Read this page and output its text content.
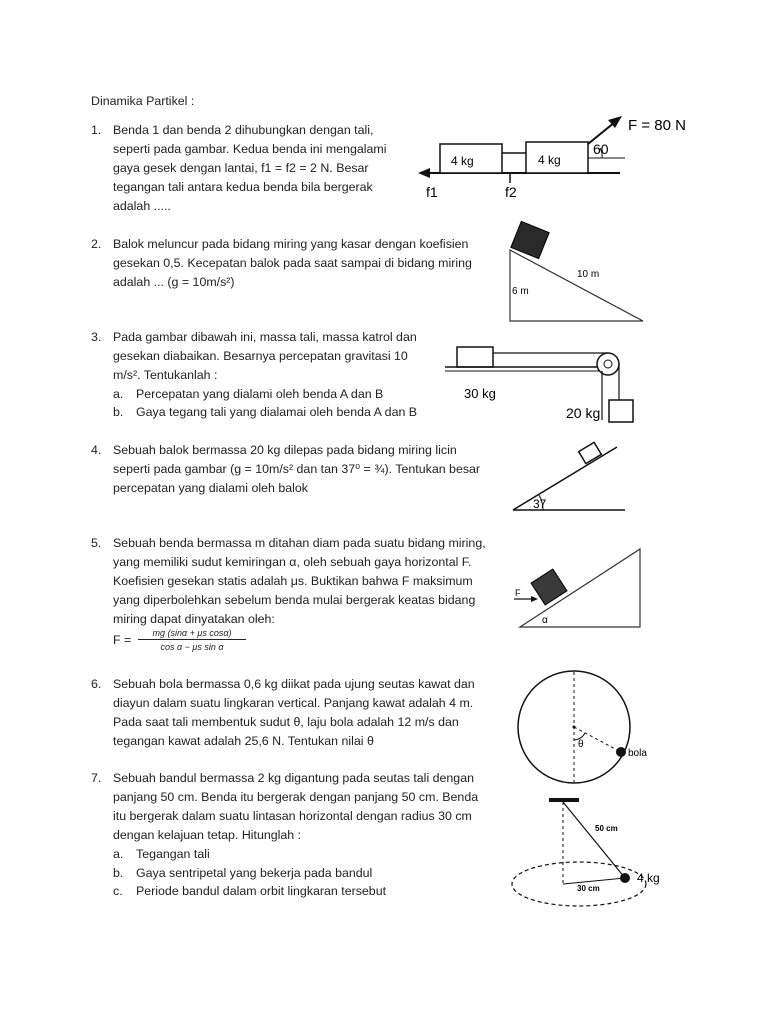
Dinamika Partikel :
1. Benda 1 dan benda 2 dihubungkan dengan tali,
seperti pada gambar. Kedua benda ini mengalami
gaya gesek dengan lantai, f1 = f2 = 2 N. Besar
tegangan tali antara kedua benda bila bergerak
adalah .....
4 kg	4 kg
F = 80 N
60
f1	f2
2. Balok meluncur pada bidang miring yang kasar dengan koefisien
gesekan 0,5. Kecepatan balok pada saat sampai di bidang miring
adalah ... (g = 10m/s²)
10 m
6 m
3. Pada gambar dibawah ini, massa tali, massa katrol dan
gesekan diabaikan. Besarnya percepatan gravitasi 10
m/s². Tentukanlah :
a. Percepatan yang dialami oleh benda A dan B
b. Gaya tegang tali yang dialamai oleh benda A dan B
30 kg
20 kg
4. Sebuah balok bermassa 20 kg dilepas pada bidang miring licin
seperti pada gambar (g = 10m/s² dan tan 37⁰ = ¾). Tentukan besar
percepatan yang dialami oleh balok
37
5. Sebuah benda bermassa m ditahan diam pada suatu bidang miring,
yang memiliki sudut kemiringan α, oleh sebuah gaya horizontal F.
Koefisien gesekan statis adalah μs. Buktikan bahwa F maksimum
yang diperbolehkan sebelum benda mulai bergerak keatas bidang
miring dapat dinyatakan oleh:
F =	mg (sinα + μs cosα)
cos α − μs sin α
F
α
6. Sebuah bola bermassa 0,6 kg diikat pada ujung seutas kawat dan
diayun dalam suatu lingkaran vertical. Panjang kawat adalah 4 m.
Pada saat tali membentuk sudut θ, laju bola adalah 12 m/s dan
tegangan kawat adalah 25,6 N. Tentukan nilai θ	θ
bola
7. Sebuah bandul bermassa 2 kg digantung pada seutas tali dengan
panjang 50 cm. Benda itu bergerak dengan panjang 50 cm. Benda
itu bergerak dalam suatu lintasan horizontal dengan radius 30 cm
dengan kelajuan tetap. Hitunglah :
a. Tegangan tali
b. Gaya sentripetal yang bekerja pada bandul
c. Periode bandul dalam orbit lingkaran tersebut
50 cm
30 cm
4 kg
